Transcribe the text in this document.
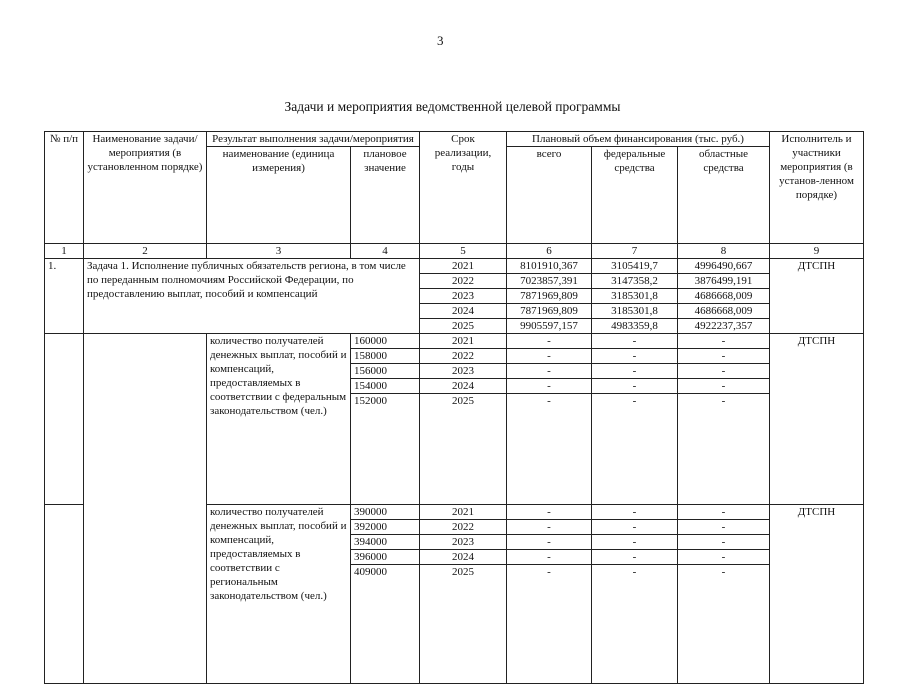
3
Задачи и мероприятия ведомственной целевой программы
№ п/п	Наименование задачи/ мероприятия (в установленном порядке)	Результат выполнения задачи/мероприятия		Срок реализации, годы	Плановый объем финансирования (тыс. руб.)			Исполнитель и участники мероприятия (в установ-ленном порядке)
		наименование (единица измерения)	плановое значение		всего	федеральные средства	областные средства	
1	2	3	4	5	6	7	8	9
1.	Задача 1. Исполнение публичных обязательств региона, в том числе по переданным полномочиям Российской Федерации, по предоставлению выплат, пособий и компенсаций			2021	8101910,367	3105419,7	4996490,667	ДТСПН
				2022	7023857,391	3147358,2	3876499,191	
				2023	7871969,809	3185301,8	4686668,009	
				2024	7871969,809	3185301,8	4686668,009	
				2025	9905597,157	4983359,8	4922237,357	
		количество получателей денежных выплат, пособий и компенсаций, предоставляемых в соответствии с федеральным законодательством (чел.)	160000	2021	-	-	-	ДТСПН
			158000	2022	-	-	-	
			156000	2023	-	-	-	
			154000	2024	-	-	-	
			152000	2025	-	-	-	
		количество получателей денежных выплат, пособий и компенсаций, предоставляемых в соответствии с региональным законодательством (чел.)	390000	2021	-	-	-	ДТСПН
			392000	2022	-	-	-	
			394000	2023	-	-	-	
			396000	2024	-	-	-	
			409000	2025	-	-	-	
